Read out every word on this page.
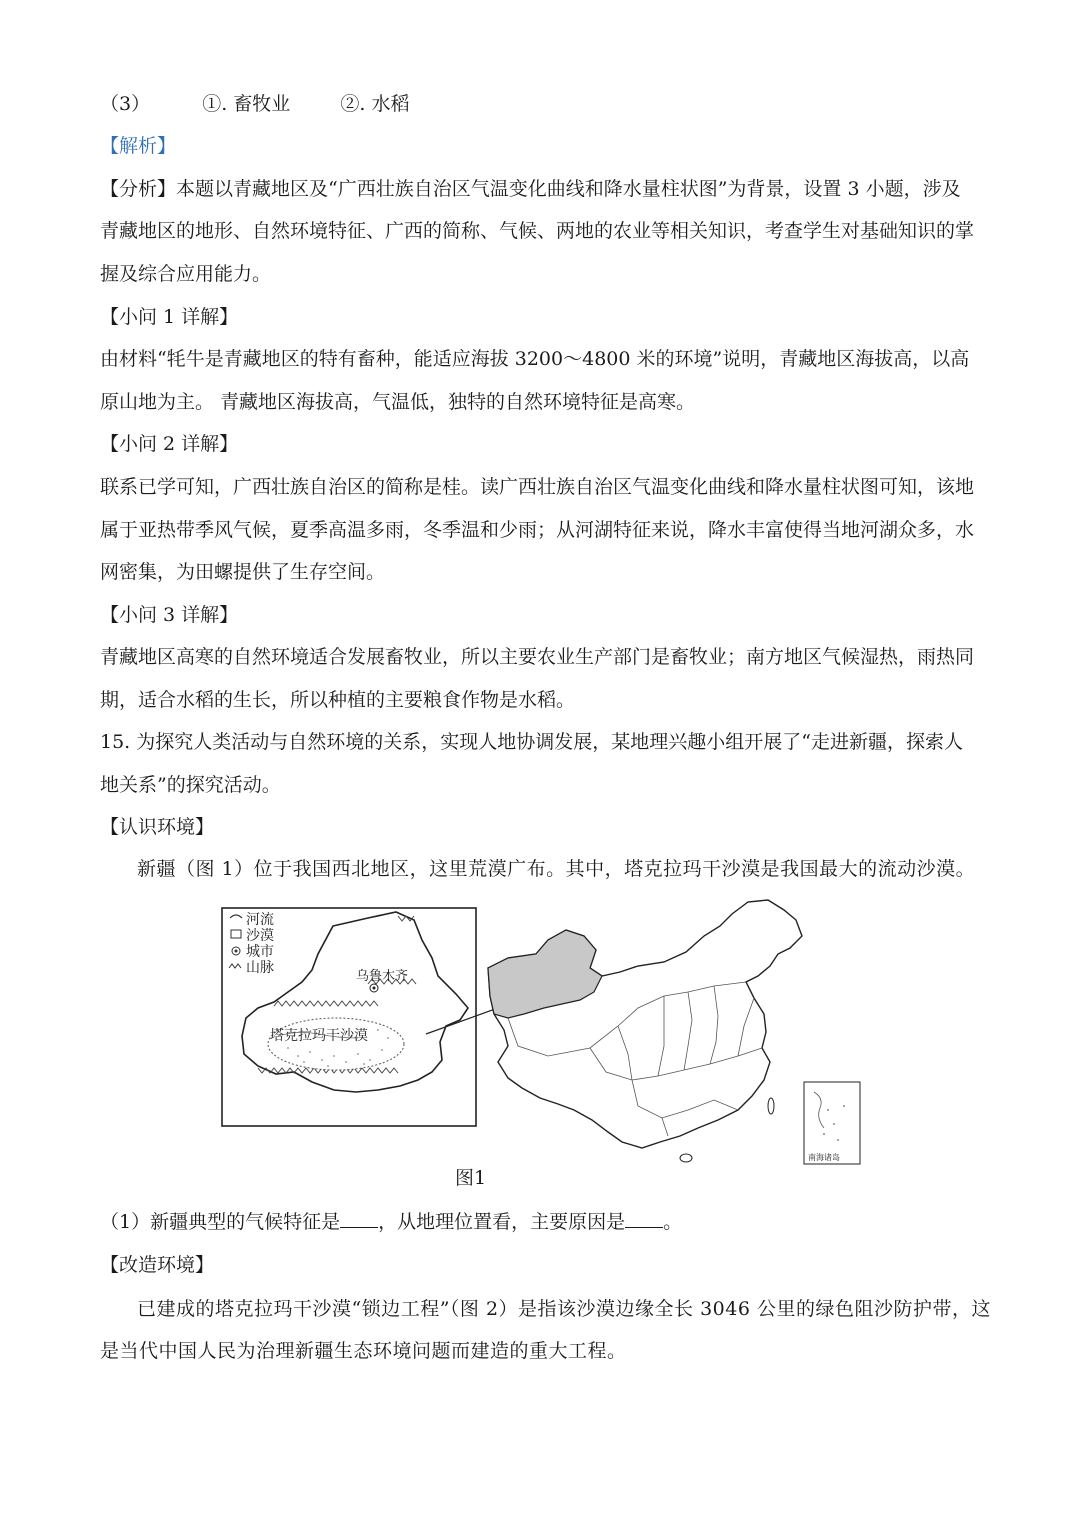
（3）	①. 畜牧业	②. 水稻
【解析】
【分析】本题以青藏地区及“广西壮族自治区气温变化曲线和降水量柱状图”为背景，设置 3 小题，涉及
青藏地区的地形、自然环境特征、广西的简称、气候、两地的农业等相关知识，考查学生对基础知识的掌
握及综合应用能力。
【小问 1 详解】
由材料“牦牛是青藏地区的特有畜种，能适应海拔 3200～4800 米的环境”说明，青藏地区海拔高，以高
原山地为主。 青藏地区海拔高，气温低，独特的自然环境特征是高寒。
【小问 2 详解】
联系已学可知，广西壮族自治区的简称是桂。读广西壮族自治区气温变化曲线和降水量柱状图可知，该地
属于亚热带季风气候，夏季高温多雨，冬季温和少雨；从河湖特征来说，降水丰富使得当地河湖众多，水
网密集，为田螺提供了生存空间。
【小问 3 详解】
青藏地区高寒的自然环境适合发展畜牧业，所以主要农业生产部门是畜牧业；南方地区气候湿热，雨热同
期，适合水稻的生长，所以种植的主要粮食作物是水稻。
15. 为探究人类活动与自然环境的关系，实现人地协调发展，某地理兴趣小组开展了“走进新疆，探索人
地关系”的探究活动。
【认识环境】
新疆（图 1）位于我国西北地区，这里荒漠广布。其中，塔克拉玛干沙漠是我国最大的流动沙漠。
河流
沙漠
城市
山脉
塔克拉玛干沙漠
乌鲁木齐
南海诸岛
图1
（1）新疆典型的气候特征是 ，从地理位置看，主要原因是 。
【改造环境】
已建成的塔克拉玛干沙漠“锁边工程”（图 2）是指该沙漠边缘全长 3046 公里的绿色阻沙防护带，这
是当代中国人民为治理新疆生态环境问题而建造的重大工程。
